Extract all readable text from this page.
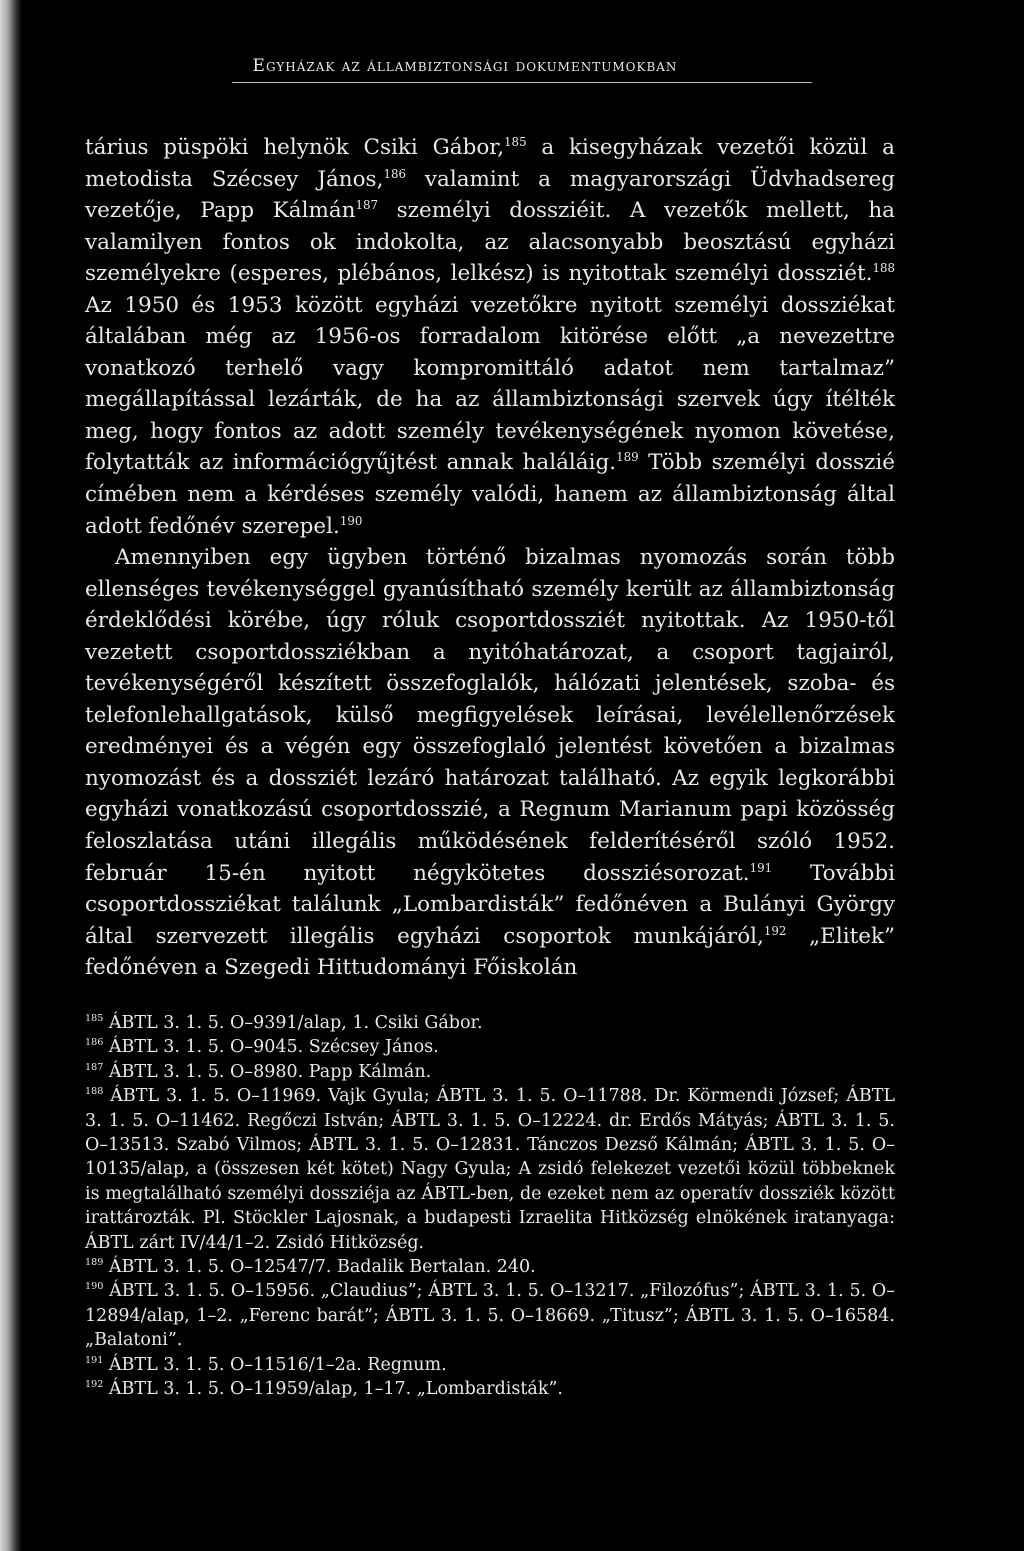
Egyházak az állambiztonsági dokumentumokban

tárius püspöki helynök Csiki Gábor,$^{185}$ a kisegyházak vezetői közül a metodista Szécsey János,$^{186}$ valamint a magyarországi Üdvhadsereg vezetője, Papp Kálmán$^{187}$ személyi dossziéit. A vezetők mellett, ha valamilyen fontos ok indokolta, az alacsonyabb beosztású egyházi személyekre (esperes, plébános, lelkész) is nyitottak személyi dossziét.$^{188}$ Az 1950 és 1953 között egyházi vezetőkre nyitott személyi dossziékat általában még az 1956-os forradalom kitörése előtt „a nevezettre vonatkozó terhelő vagy kompromittáló adatot nem tartalmaz” megállapítással lezárták, de ha az állambiztonsági szervek úgy ítélték meg, hogy fontos az adott személy tevékenységének nyomon követése, folytatták az információgyűjtést annak haláláig.$^{189}$ Több személyi dosszié címében nem a kérdéses személy valódi, hanem az állambiztonság által adott fedőnév szerepel.$^{190}$

Amennyiben egy ügyben történő bizalmas nyomozás során több ellenséges tevékenységgel gyanúsítható személy került az állambiztonság érdeklődési körébe, úgy róluk csoportdossziét nyitottak. Az 1950-től vezetett csoportdossziékban a nyitóhatározat, a csoport tagjairól, tevékenységéről készített összefoglalók, hálózati jelentések, szoba- és telefonlehallgatások, külső megfigyelések leírásai, levélellenőrzések eredményei és a végén egy összefoglaló jelentést követően a bizalmas nyomozást és a dossziét lezáró határozat található. Az egyik legkorábbi egyházi vonatkozású csoportdosszié, a Regnum Marianum papi közösség feloszlatása utáni illegális működésének felderítéséről szóló 1952. február 15-én nyitott négykötetes dossziésorozat.$^{191}$ További csoportdossziékat találunk „Lombardisták” fedőnéven a Bulányi György által szervezett illegális egyházi csoportok munkájáról,$^{192}$ „Elitek” fedőnéven a Szegedi Hittudományi Főiskolán

$^{185}$ ÁBTL 3. 1. 5. O–9391/alap, 1. Csiki Gábor.

$^{186}$ ÁBTL 3. 1. 5. O–9045. Szécsey János.

$^{187}$ ÁBTL 3. 1. 5. O–8980. Papp Kálmán.

$^{188}$ ÁBTL 3. 1. 5. O–11969. Vajk Gyula; ÁBTL 3. 1. 5. O–11788. Dr. Körmendi József; ÁBTL 3. 1. 5. O–11462. Regőczi István; ÁBTL 3. 1. 5. O–12224. dr. Erdős Mátyás; ÁBTL 3. 1. 5. O–13513. Szabó Vilmos; ÁBTL 3. 1. 5. O–12831. Tánczos Dezső Kálmán; ÁBTL 3. 1. 5. O–10135/alap, a (összesen két kötet) Nagy Gyula; A zsidó felekezet vezetői közül többeknek is megtalálható személyi dossziéja az ÁBTL-ben, de ezeket nem az operatív dossziék között irattározták. Pl. Stöckler Lajosnak, a budapesti Izraelita Hitközség elnökének iratanyaga: ÁBTL zárt IV/44/1–2. Zsidó Hitközség.

$^{189}$ ÁBTL 3. 1. 5. O–12547/7. Badalik Bertalan. 240.

$^{190}$ ÁBTL 3. 1. 5. O–15956. „Claudius”; ÁBTL 3. 1. 5. O–13217. „Filozófus”; ÁBTL 3. 1. 5. O–12894/alap, 1–2. „Ferenc barát”; ÁBTL 3. 1. 5. O–18669. „Titusz”; ÁBTL 3. 1. 5. O–16584. „Balatoni”.

$^{191}$ ÁBTL 3. 1. 5. O–11516/1–2a. Regnum.

$^{192}$ ÁBTL 3. 1. 5. O–11959/alap, 1–17. „Lombardisták”.
